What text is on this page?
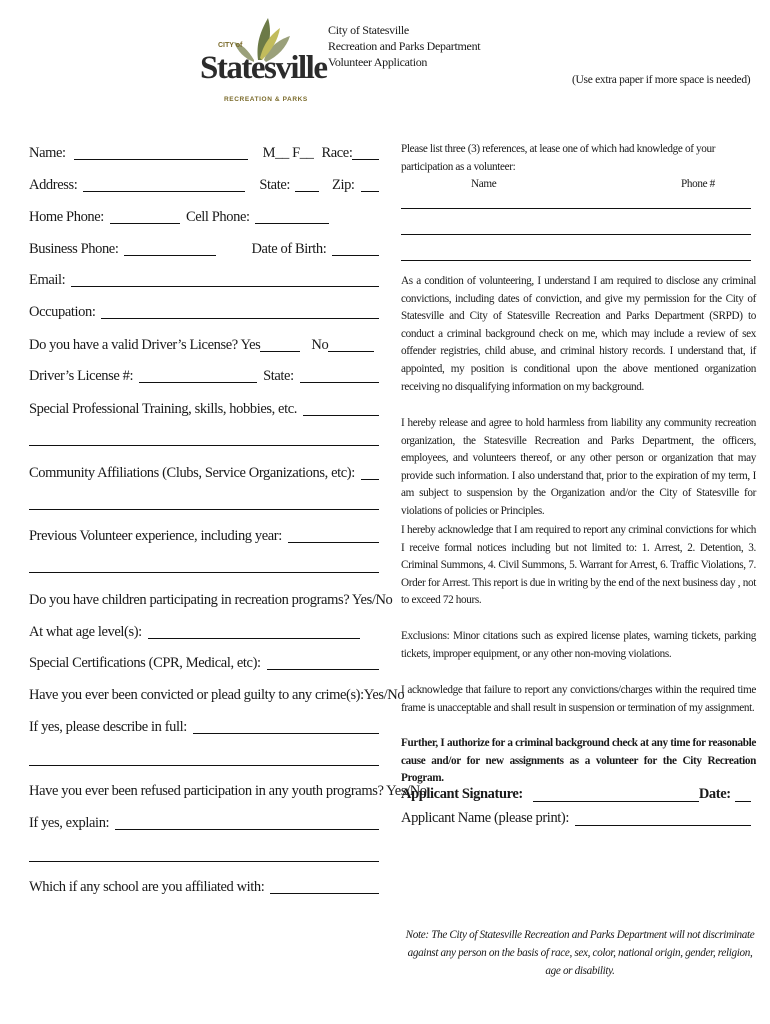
CITY of
Statesville
RECREATION & PARKS
City of Statesville
Recreation and Parks Department
Volunteer Application
(Use extra paper if more space is needed)
Name:	M__ F__ Race:
Address:	State:	Zip:
Home Phone:	Cell Phone:
Business Phone:	Date of Birth:
Email:
Occupation:
Do you have a valid Driver’s License? Yes	No
Driver’s License #:	State:
Special Professional Training, skills, hobbies, etc.
Community Affiliations (Clubs, Service Organizations, etc):
Previous Volunteer experience, including year:
Do you have children participating in recreation programs? Yes/No
At what age level(s):
Special Certifications (CPR, Medical, etc):
Have you ever been convicted or plead guilty to any crime(s):Yes/No
If yes, please describe in full:
Have you ever been refused participation in any youth programs? Yes/No
If yes, explain:
Which if any school are you affiliated with:
Please list three (3) references, at lease one of which had knowledge of your participation as a volunteer:
Name	Phone #
As a condition of volunteering, I understand I am required to disclose any criminal convictions, including dates of conviction, and give my permission for the City of Statesville and City of Statesville Recreation and Parks Department (SRPD) to conduct a criminal background check on me, which may include a review of sex offender registries, child abuse, and criminal history records. I understand that, if appointed, my position is conditional upon the above mentioned organization receiving no disqualifying information on my background.
I hereby release and agree to hold harmless from liability any community recreation organization, the Statesville Recreation and Parks Department, the officers, employees, and volunteers thereof, or any other person or organization that may provide such information. I also understand that, prior to the expiration of my term, I am subject to suspension by the Organization and/or the City of Statesville for violations of policies or Principles.
I hereby acknowledge that I am required to report any criminal convictions for which I receive formal notices including but not limited to: 1. Arrest, 2. Detention, 3. Criminal Summons, 4. Civil Summons, 5. Warrant for Arrest, 6. Traffic Violations, 7. Order for Arrest. This report is due in writing by the end of the next business day , not to exceed 72 hours.
Exclusions: Minor citations such as expired license plates, warning tickets, parking tickets, improper equipment, or any other non-moving violations.
I acknowledge that failure to report any convictions/charges within the required time frame is unacceptable and shall result in suspension or termination of my assignment.
Further, I authorize for a criminal background check at any time for reasonable cause and/or for new assignments as a volunteer for the City Recreation Program.
Applicant Signature:	Date:
Applicant Name (please print):
Note: The City of Statesville Recreation and Parks Department will not discriminate against any person on the basis of race, sex, color, national origin, gender, religion, age or disability.
